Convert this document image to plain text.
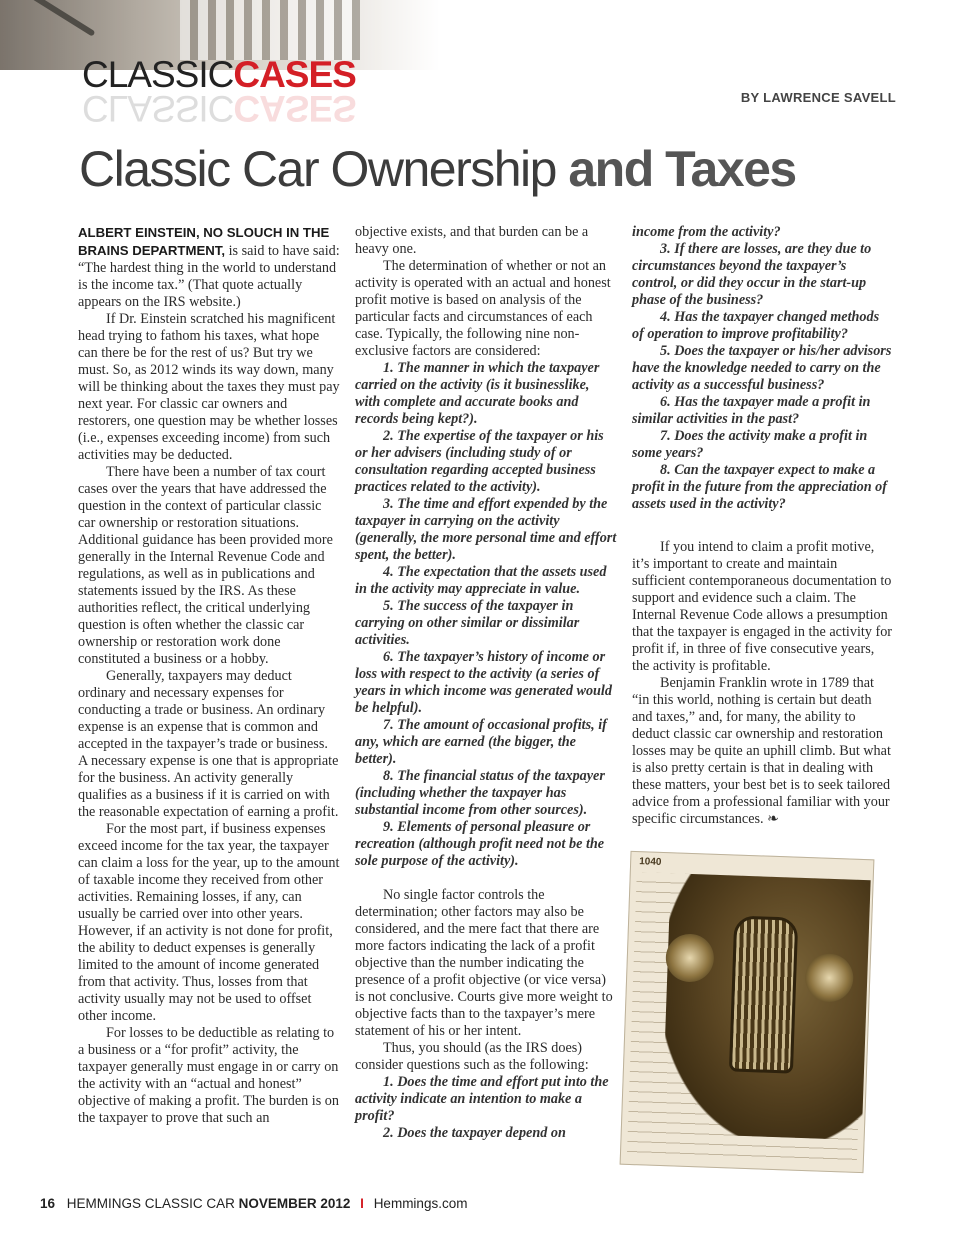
CLASSICCASES
CLASSICCASES	BY LAWRENCE SAVELL
Classic Car Ownership and Taxes

ALBERT EINSTEIN, NO SLOUCH IN THE BRAINS DEPARTMENT, is said to have said: “The hardest thing in the world to understand is the income tax.” (That quote actually appears on the IRS website.)

If Dr. Einstein scratched his magnificent head trying to fathom his taxes, what hope can there be for the rest of us? But try we must. So, as 2012 winds its way down, many will be thinking about the taxes they must pay next year. For classic car owners and restorers, one question may be whether losses (i.e., expenses exceeding income) from such activities may be deducted.

There have been a number of tax court cases over the years that have addressed the question in the context of particular classic car ownership or restoration situations. Additional guidance has been provided more generally in the Internal Revenue Code and regulations, as well as in publications and statements issued by the IRS. As these authorities reflect, the critical underlying question is often whether the classic car ownership or restoration work done constituted a business or a hobby.

Generally, taxpayers may deduct ordinary and necessary expenses for conducting a trade or business. An ordinary expense is an expense that is common and accepted in the taxpayer’s trade or business. A necessary expense is one that is appropriate for the business. An activity generally qualifies as a business if it is carried on with the reasonable expectation of earning a profit.

For the most part, if business expenses exceed income for the tax year, the taxpayer can claim a loss for the year, up to the amount of taxable income they received from other activities. Remaining losses, if any, can usually be carried over into other years. However, if an activity is not done for profit, the ability to deduct expenses is generally limited to the amount of income generated from that activity. Thus, losses from that activity usually may not be used to offset other income.

For losses to be deductible as relating to a business or a “for profit” activity, the taxpayer generally must engage in or carry on the activity with an “actual and honest” objective of making a profit. The burden is on the taxpayer to prove that such an

objective exists, and that burden can be a heavy one.

The determination of whether or not an activity is operated with an actual and honest profit motive is based on analysis of the particular facts and circumstances of each case. Typically, the following nine non-exclusive factors are considered:

1. The manner in which the taxpayer carried on the activity (is it businesslike, with complete and accurate books and records being kept?).

2. The expertise of the taxpayer or his or her advisers (including study of or consultation regarding accepted business practices related to the activity).

3. The time and effort expended by the taxpayer in carrying on the activity (generally, the more personal time and effort spent, the better).

4. The expectation that the assets used in the activity may appreciate in value.

5. The success of the taxpayer in carrying on other similar or dissimilar activities.

6. The taxpayer’s history of income or loss with respect to the activity (a series of years in which income was generated would be helpful).

7. The amount of occasional profits, if any, which are earned (the bigger, the better).

8. The financial status of the taxpayer (including whether the taxpayer has substantial income from other sources).

9. Elements of personal pleasure or recreation (although profit need not be the sole purpose of the activity).

No single factor controls the determination; other factors may also be considered, and the mere fact that there are more factors indicating the lack of a profit objective than the number indicating the presence of a profit objective (or vice versa) is not conclusive. Courts give more weight to objective facts than to the taxpayer’s mere statement of his or her intent.

Thus, you should (as the IRS does) consider questions such as the following:

1. Does the time and effort put into the activity indicate an intention to make a profit?

2. Does the taxpayer depend on

income from the activity?

3. If there are losses, are they due to circumstances beyond the taxpayer’s control, or did they occur in the start-up phase of the business?

4. Has the taxpayer changed methods of operation to improve profitability?

5. Does the taxpayer or his/her advisors have the knowledge needed to carry on the activity as a successful business?

6. Has the taxpayer made a profit in similar activities in the past?

7. Does the activity make a profit in some years?

8. Can the taxpayer expect to make a profit in the future from the appreciation of assets used in the activity?

If you intend to claim a profit motive, it’s important to create and maintain sufficient contemporaneous documentation to support and evidence such a claim. The Internal Revenue Code allows a presumption that the taxpayer is engaged in the activity for profit if, in three of five consecutive years, the activity is profitable.

Benjamin Franklin wrote in 1789 that “in this world, nothing is certain but death and taxes,” and, for many, the ability to deduct classic car ownership and restoration losses may be quite an uphill climb. But what is also pretty certain is that in dealing with these matters, your best bet is to seek tailored advice from a professional familiar with your specific circumstances. ❧

1040
16 HEMMINGS CLASSIC CAR NOVEMBER 2012 I Hemmings.com
